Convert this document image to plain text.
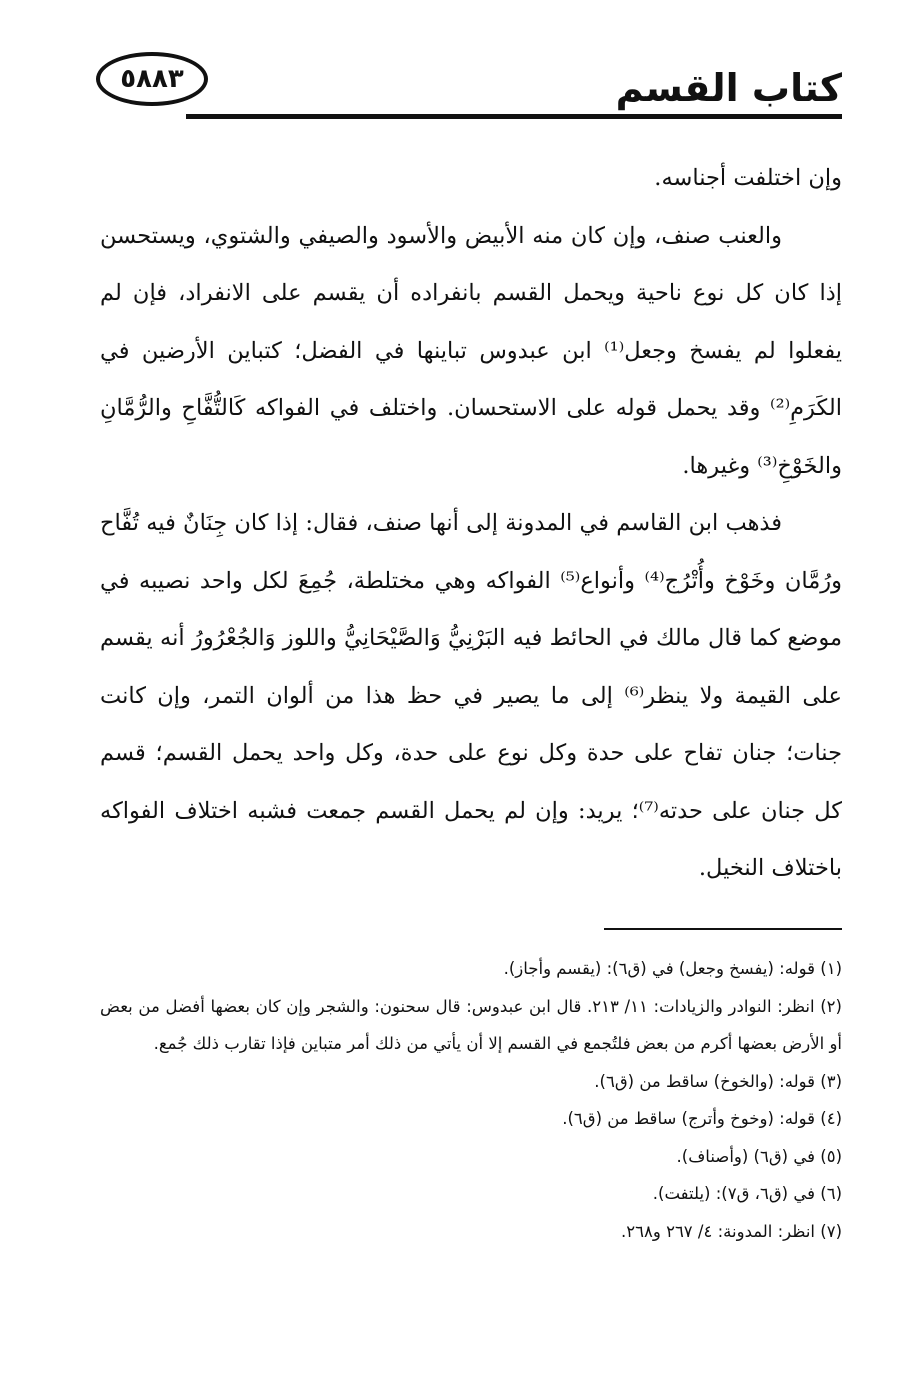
كتاب القسم
٥٨٨٣

وإن اختلفت أجناسه.

والعنب صنف، وإن كان منه الأبيض والأسود والصيفي والشتوي، ويستحسن إذا كان كل نوع ناحية ويحمل القسم بانفراده أن يقسم على الانفراد، فإن لم يفعلوا لم يفسخ وجعل⁽¹⁾ ابن عبدوس تباينها في الفضل؛ كتباين الأرضين في الكَرَمِ⁽²⁾ وقد يحمل قوله على الاستحسان. واختلف في الفواكه كَالتُّفَّاحِ والرُّمَّانِ والخَوْخِ⁽³⁾ وغيرها.

فذهب ابن القاسم في المدونة إلى أنها صنف، فقال: إذا كان جِنَانٌ فيه تُفَّاح ورُمَّان وخَوْخ وأُتْرُج⁽⁴⁾ وأنواع⁽⁵⁾ الفواكه وهي مختلطة، جُمِعَ لكل واحد نصيبه في موضع كما قال مالك في الحائط فيه البَرْنِيُّ وَالصَّيْحَانِيُّ واللوز وَالجُعْرُورُ أنه يقسم على القيمة ولا ينظر⁽⁶⁾ إلى ما يصير في حظ هذا من ألوان التمر، وإن كانت جنات؛ جنان تفاح على حدة وكل نوع على حدة، وكل واحد يحمل القسم؛ قسم كل جنان على حدته⁽⁷⁾؛ يريد: وإن لم يحمل القسم جمعت فشبه اختلاف الفواكه باختلاف النخيل.

(١) قوله: (يفسخ وجعل) في (ق٦): (يقسم وأجاز).

(٢) انظر: النوادر والزيادات: ١١/ ٢١٣. قال ابن عبدوس: قال سحنون: والشجر وإن كان بعضها أفضل من بعض أو الأرض بعضها أكرم من بعض فلتُجمع في القسم إلا أن يأتي من ذلك أمر متباين فإذا تقارب ذلك جُمع.

(٣) قوله: (والخوخ) ساقط من (ق٦).

(٤) قوله: (وخوخ وأترج) ساقط من (ق٦).

(٥) في (ق٦) (وأصناف).

(٦) في (ق٦، ق٧): (يلتفت).

(٧) انظر: المدونة: ٤/ ٢٦٧ و٢٦٨.
